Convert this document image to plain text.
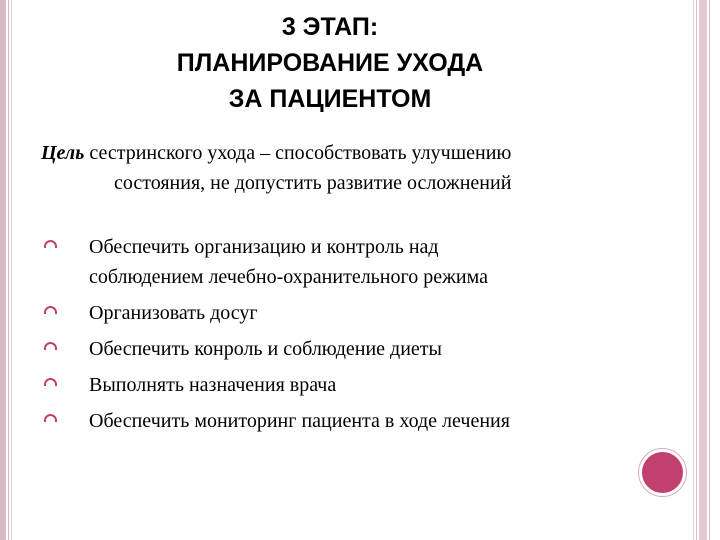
3 ЭТАП:
ПЛАНИРОВАНИЕ УХОДА
ЗА ПАЦИЕНТОМ
Цель сестринского ухода – способствовать улучшению
состояния, не допустить развитие осложнений
Обеспечить организацию и контроль над
соблюдением лечебно-охранительного режима
Организовать досуг
Обеспечить конроль и соблюдение диеты
Выполнять назначения врача
Обеспечить мониторинг пациента в ходе лечения
